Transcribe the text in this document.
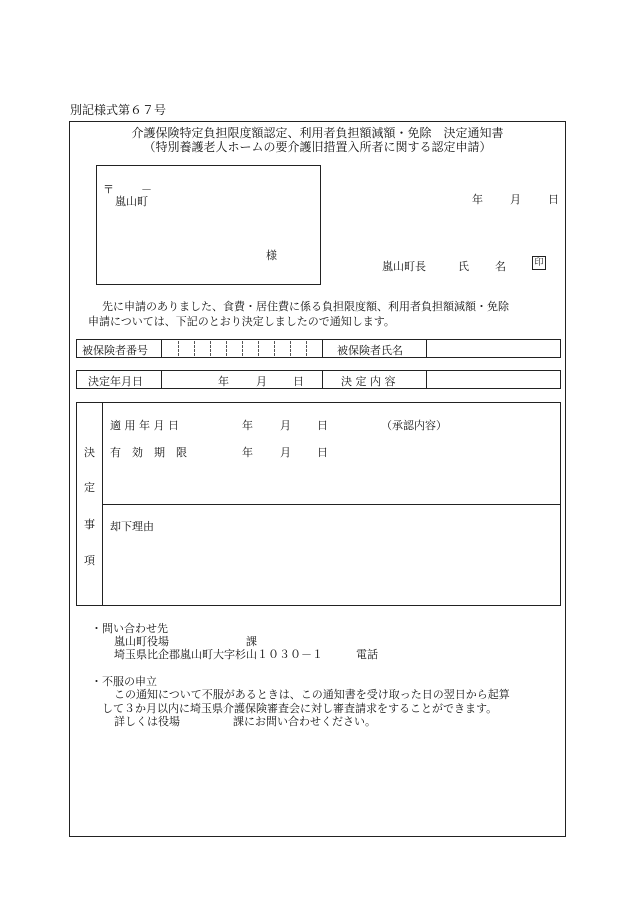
別記様式第６７号
介護保険特定負担限度額認定、利用者負担額減額・免除　決定通知書
（特別養護老人ホームの要介護旧措置入所者に関する認定申請）
〒 －
嵐山町
様
年 月 日
嵐山町長	氏 名	印
先に申請のありました、食費・居住費に係る負担限度額、利用者負担額減額・免除
申請については、下記のとおり決定しましたので通知します。
被保険者番号	被保険者氏名
決定年月日	年 月 日	決 定 内 容
決
定
事
項
適 用 年 月 日	年 月 日	（承認内容）
有　効　期　限	年 月 日
却下理由
・問い合わせ先
嵐山町役場	課
埼玉県比企郡嵐山町大字杉山１０３０－１	電話
・不服の申立
この通知について不服があるときは、この通知書を受け取った日の翌日から起算
して３か月以内に埼玉県介護保険審査会に対し審査請求をすることができます。
詳しくは役場	課にお問い合わせください。
